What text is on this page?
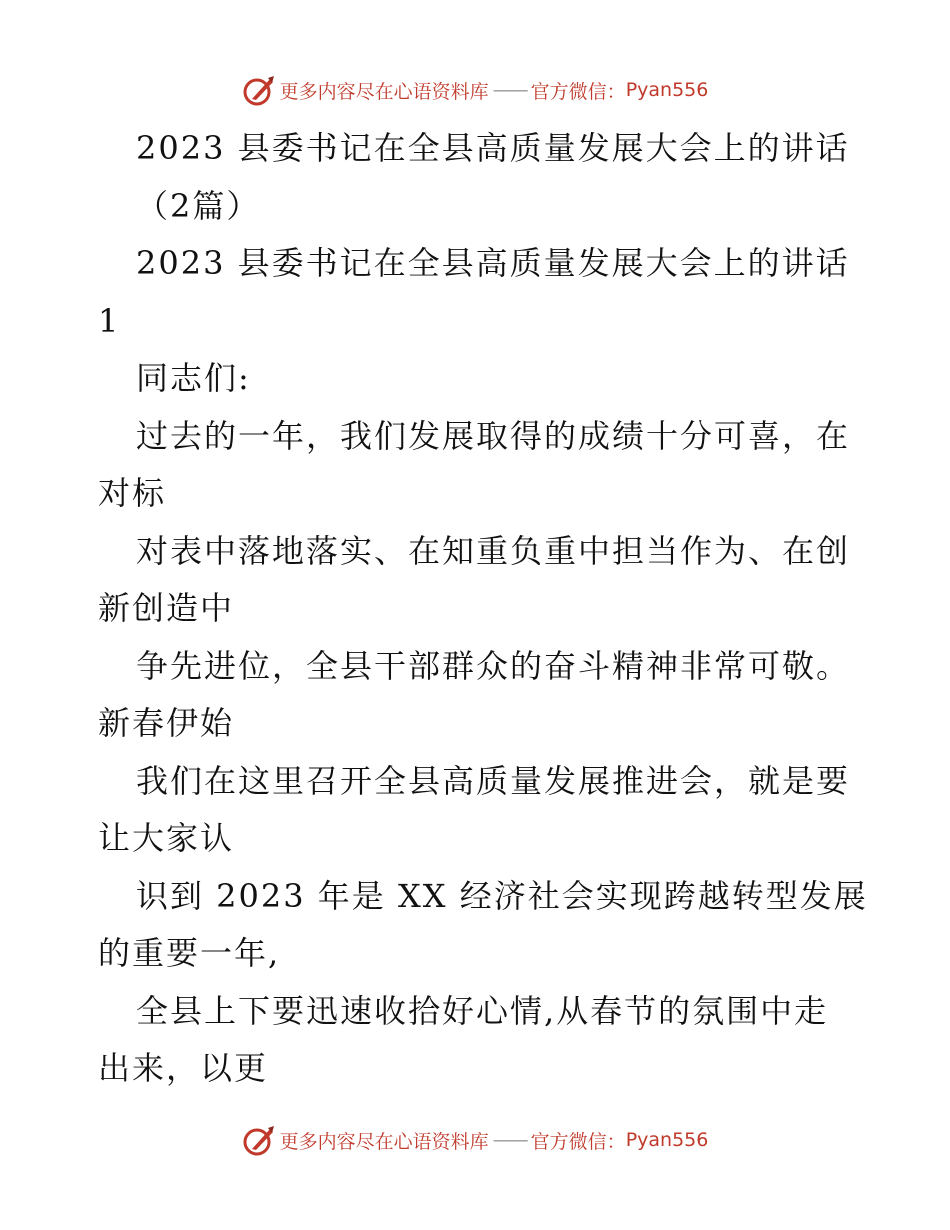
更多内容尽在心语资料库 —— 官方微信： Pyan556
2023 县委书记在全县高质量发展大会上的讲话
（2篇）
2023 县委书记在全县高质量发展大会上的讲话
1
同志们:
过去的一年，我们发展取得的成绩十分可喜，在
对标
对表中落地落实、在知重负重中担当作为、在创
新创造中
争先进位，全县干部群众的奋斗精神非常可敬。
新春伊始
我们在这里召开全县高质量发展推进会，就是要
让大家认
识到 2023 年是 XX 经济社会实现跨越转型发展
的重要一年,
全县上下要迅速收拾好心情,从春节的氛围中走
出来，以更
更多内容尽在心语资料库 —— 官方微信： Pyan556
